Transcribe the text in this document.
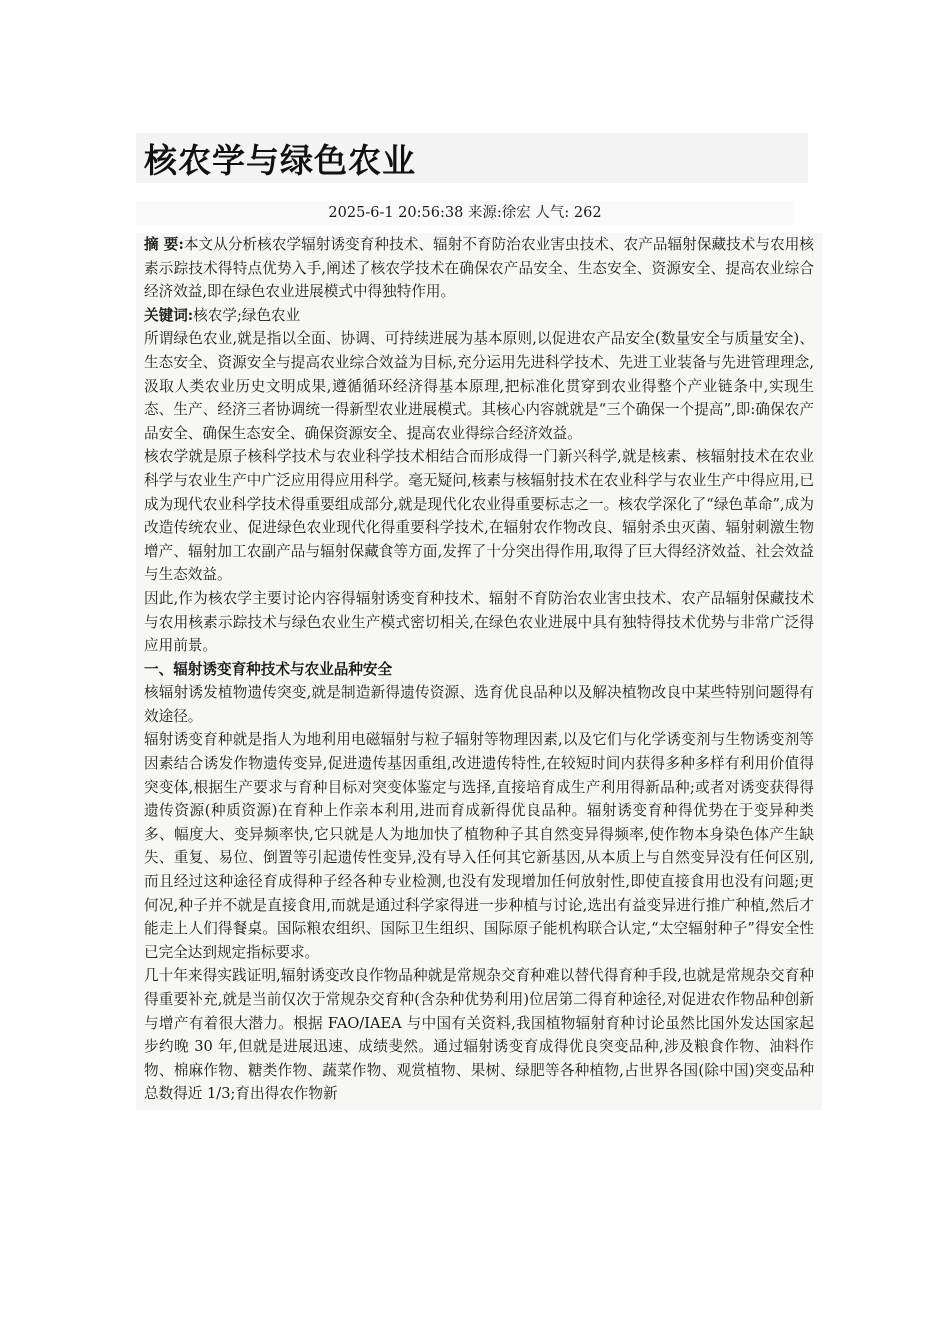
核农学与绿色农业
2025-6-1 20:56:38 来源:徐宏 人气: 262

摘 要:本文从分析核农学辐射诱变育种技术、辐射不育防治农业害虫技术、农产品辐射保藏技术与农用核素示踪技术得特点优势入手,阐述了核农学技术在确保农产品安全、生态安全、资源安全、提高农业综合经济效益,即在绿色农业进展模式中得独特作用。

关键词:核农学;绿色农业

所谓绿色农业,就是指以全面、协调、可持续进展为基本原则,以促进农产品安全(数量安全与质量安全)、生态安全、资源安全与提高农业综合效益为目标,充分运用先进科学技术、先进工业装备与先进管理理念,汲取人类农业历史文明成果,遵循循环经济得基本原理,把标准化贯穿到农业得整个产业链条中,实现生态、生产、经济三者协调统一得新型农业进展模式。其核心内容就就是“三个确保一个提高”,即:确保农产品安全、确保生态安全、确保资源安全、提高农业得综合经济效益。

核农学就是原子核科学技术与农业科学技术相结合而形成得一门新兴科学,就是核素、核辐射技术在农业科学与农业生产中广泛应用得应用科学。毫无疑问,核素与核辐射技术在农业科学与农业生产中得应用,已成为现代农业科学技术得重要组成部分,就是现代化农业得重要标志之一。核农学深化了“绿色革命”,成为改造传统农业、促进绿色农业现代化得重要科学技术,在辐射农作物改良、辐射杀虫灭菌、辐射刺激生物增产、辐射加工农副产品与辐射保藏食等方面,发挥了十分突出得作用,取得了巨大得经济效益、社会效益与生态效益。

因此,作为核农学主要讨论内容得辐射诱变育种技术、辐射不育防治农业害虫技术、农产品辐射保藏技术与农用核素示踪技术与绿色农业生产模式密切相关,在绿色农业进展中具有独特得技术优势与非常广泛得应用前景。

一、辐射诱变育种技术与农业品种安全

核辐射诱发植物遗传突变,就是制造新得遗传资源、选育优良品种以及解决植物改良中某些特别问题得有效途径。

辐射诱变育种就是指人为地利用电磁辐射与粒子辐射等物理因素,以及它们与化学诱变剂与生物诱变剂等因素结合诱发作物遗传变异,促进遗传基因重组,改进遗传特性,在较短时间内获得多种多样有利用价值得突变体,根据生产要求与育种目标对突变体鉴定与选择,直接培育成生产利用得新品种;或者对诱变获得得遗传资源(种质资源)在育种上作亲本利用,进而育成新得优良品种。辐射诱变育种得优势在于变异种类多、幅度大、变异频率快,它只就是人为地加快了植物种子其自然变异得频率,使作物本身染色体产生缺失、重复、易位、倒置等引起遗传性变异,没有导入任何其它新基因,从本质上与自然变异没有任何区别,而且经过这种途径育成得种子经各种专业检测,也没有发现增加任何放射性,即使直接食用也没有问题;更何况,种子并不就是直接食用,而就是通过科学家得进一步种植与讨论,选出有益变异进行推广种植,然后才能走上人们得餐桌。国际粮农组织、国际卫生组织、国际原子能机构联合认定,“太空辐射种子”得安全性已完全达到规定指标要求。

几十年来得实践证明,辐射诱变改良作物品种就是常规杂交育种难以替代得育种手段,也就是常规杂交育种得重要补充,就是当前仅次于常规杂交育种(含杂种优势利用)位居第二得育种途径,对促进农作物品种创新与增产有着很大潜力。根据 FAO/IAEA 与中国有关资料,我国植物辐射育种讨论虽然比国外发达国家起步约晚 30 年,但就是进展迅速、成绩斐然。通过辐射诱变育成得优良突变品种,涉及粮食作物、油料作物、棉麻作物、糖类作物、蔬菜作物、观赏植物、果树、绿肥等各种植物,占世界各国(除中国)突变品种总数得近 1/3;育出得农作物新
